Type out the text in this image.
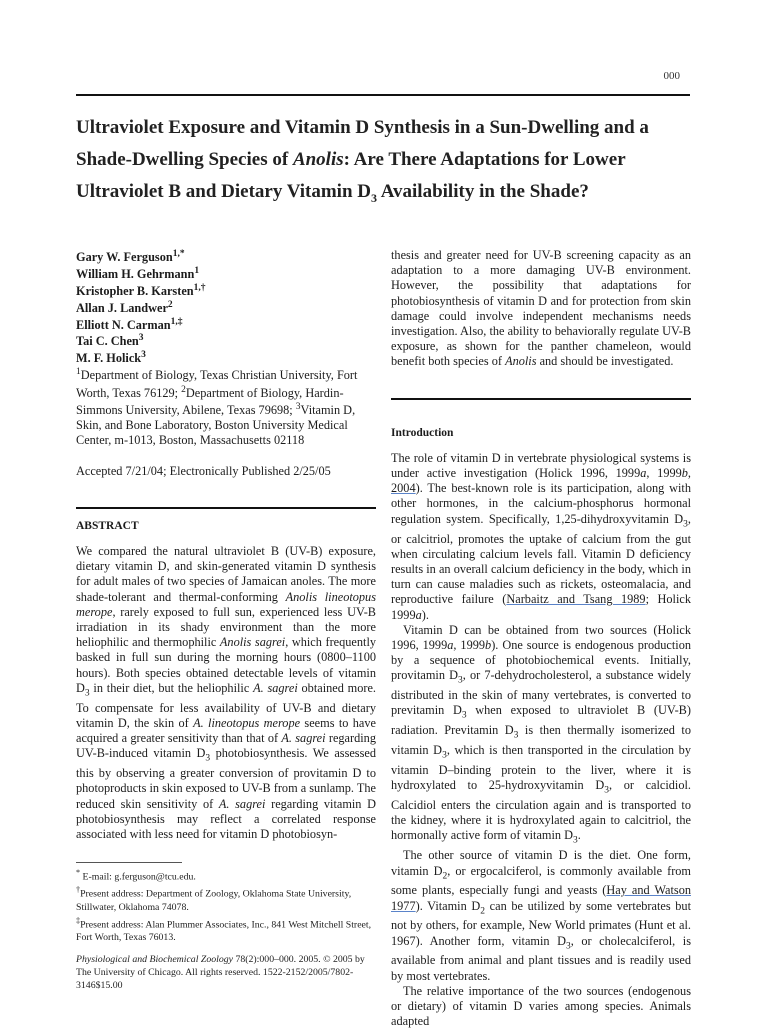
000
Ultraviolet Exposure and Vitamin D Synthesis in a Sun-Dwelling and a Shade-Dwelling Species of Anolis: Are There Adaptations for Lower Ultraviolet B and Dietary Vitamin $D_3$ Availability in the Shade?
Gary W. Ferguson$^{1,*}$
William H. Gehrmann$^1$
Kristopher B. Karsten$^{1,\dagger}$
Allan J. Landwer$^2$
Elliott N. Carman$^{1,\ddagger}$
Tai C. Chen$^3$
M. F. Holick$^3$

$^1$Department of Biology, Texas Christian University, Fort Worth, Texas 76129; $^2$Department of Biology, Hardin-Simmons University, Abilene, Texas 79698; $^3$Vitamin D, Skin, and Bone Laboratory, Boston University Medical Center, m-1013, Boston, Massachusetts 02118

Accepted 7/21/04; Electronically Published 2/25/05

ABSTRACT

We compared the natural ultraviolet B (UV-B) exposure, dietary vitamin D, and skin-generated vitamin D synthesis for adult males of two species of Jamaican anoles. The more shade-tolerant and thermal-conforming Anolis lineotopus merope, rarely exposed to full sun, experienced less UV-B irradiation in its shady environment than the more heliophilic and thermophilic Anolis sagrei, which frequently basked in full sun during the morning hours (0800–1100 hours). Both species obtained detectable levels of vitamin $D_3$ in their diet, but the heliophilic A. sagrei obtained more. To compensate for less availability of UV-B and dietary vitamin D, the skin of A. lineotopus merope seems to have acquired a greater sensitivity than that of A. sagrei regarding UV-B-induced vitamin $D_3$ photobiosynthesis. We assessed this by observing a greater conversion of provitamin D to photoproducts in skin exposed to UV-B from a sunlamp. The reduced skin sensitivity of A. sagrei regarding vitamin D photobiosynthesis may reflect a correlated response associated with less need for vitamin D photobiosyn-

* E-mail: g.ferguson@tcu.edu.
†Present address: Department of Zoology, Oklahoma State University, Stillwater, Oklahoma 74078.
‡Present address: Alan Plummer Associates, Inc., 841 West Mitchell Street, Fort Worth, Texas 76013.
Physiological and Biochemical Zoology 78(2):000–000. 2005. © 2005 by The University of Chicago. All rights reserved. 1522-2152/2005/7802-3146$15.00

thesis and greater need for UV-B screening capacity as an adaptation to a more damaging UV-B environment. However, the possibility that adaptations for photobiosynthesis of vitamin D and for protection from skin damage could involve independent mechanisms needs investigation. Also, the ability to behaviorally regulate UV-B exposure, as shown for the panther chameleon, would benefit both species of Anolis and should be investigated.

Introduction

The role of vitamin D in vertebrate physiological systems is under active investigation (Holick 1996, 1999a, 1999b, 2004). The best-known role is its participation, along with other hormones, in the calcium-phosphorus hormonal regulation system. Specifically, 1,25-dihydroxyvitamin $D_3$, or calcitriol, promotes the uptake of calcium from the gut when circulating calcium levels fall. Vitamin D deficiency results in an overall calcium deficiency in the body, which in turn can cause maladies such as rickets, osteomalacia, and reproductive failure (Narbaitz and Tsang 1989; Holick 1999a).

Vitamin D can be obtained from two sources (Holick 1996, 1999a, 1999b). One source is endogenous production by a sequence of photobiochemical events. Initially, provitamin $D_3$, or 7-dehydrocholesterol, a substance widely distributed in the skin of many vertebrates, is converted to previtamin $D_3$ when exposed to ultraviolet B (UV-B) radiation. Previtamin $D_3$ is then thermally isomerized to vitamin $D_3$, which is then transported in the circulation by vitamin D–binding protein to the liver, where it is hydroxylated to 25-hydroxyvitamin $D_3$, or calcidiol. Calcidiol enters the circulation again and is transported to the kidney, where it is hydroxylated again to calcitriol, the hormonally active form of vitamin $D_3$.

The other source of vitamin D is the diet. One form, vitamin $D_2$, or ergocalciferol, is commonly available from some plants, especially fungi and yeasts (Hay and Watson 1977). Vitamin $D_2$ can be utilized by some vertebrates but not by others, for example, New World primates (Hunt et al. 1967). Another form, vitamin $D_3$, or cholecalciferol, is available from animal and plant tissues and is readily used by most vertebrates.

The relative importance of the two sources (endogenous or dietary) of vitamin D varies among species. Animals adapted
